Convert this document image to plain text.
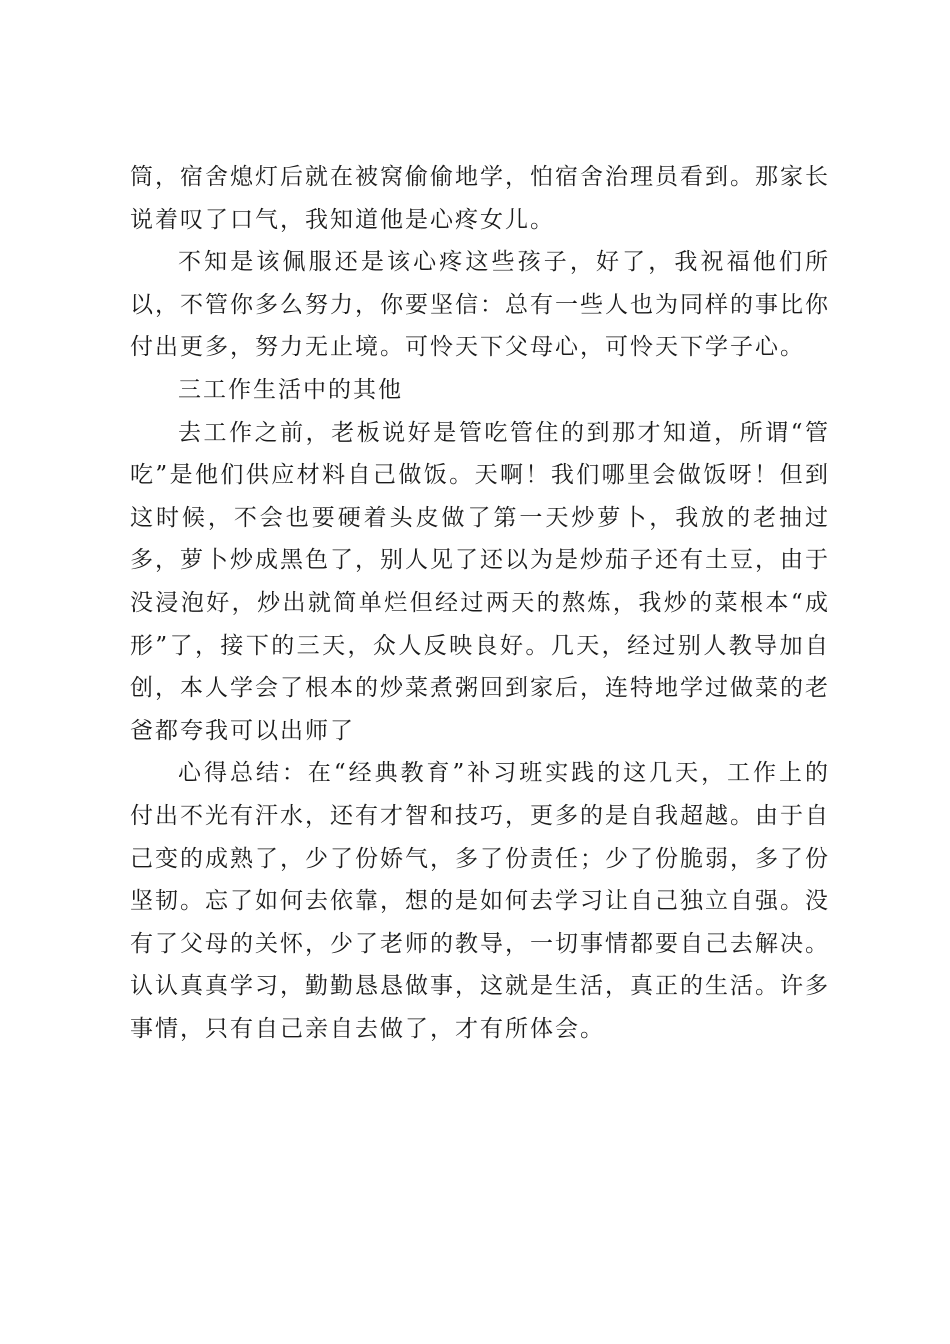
筒，宿舍熄灯后就在被窝偷偷地学，怕宿舍治理员看到。那家长说着叹了口气，我知道他是心疼女儿。

不知是该佩服还是该心疼这些孩子，好了，我祝福他们所以，不管你多么努力，你要坚信：总有一些人也为同样的事比你付出更多，努力无止境。可怜天下父母心，可怜天下学子心。

三工作生活中的其他

去工作之前，老板说好是管吃管住的到那才知道，所谓“管吃”是他们供应材料自己做饭。天啊！我们哪里会做饭呀！但到这时候，不会也要硬着头皮做了第一天炒萝卜，我放的老抽过多，萝卜炒成黑色了，别人见了还以为是炒茄子还有土豆，由于没浸泡好，炒出就简单烂但经过两天的熬炼，我炒的菜根本“成形”了，接下的三天，众人反映良好。几天，经过别人教导加自创，本人学会了根本的炒菜煮粥回到家后，连特地学过做菜的老爸都夸我可以出师了

心得总结：在“经典教育”补习班实践的这几天，工作上的付出不光有汗水，还有才智和技巧，更多的是自我超越。由于自己变的成熟了，少了份娇气，多了份责任；少了份脆弱，多了份坚韧。忘了如何去依靠，想的是如何去学习让自己独立自强。没有了父母的关怀，少了老师的教导，一切事情都要自己去解决。认认真真学习，勤勤恳恳做事，这就是生活，真正的生活。许多事情，只有自己亲自去做了，才有所体会。
